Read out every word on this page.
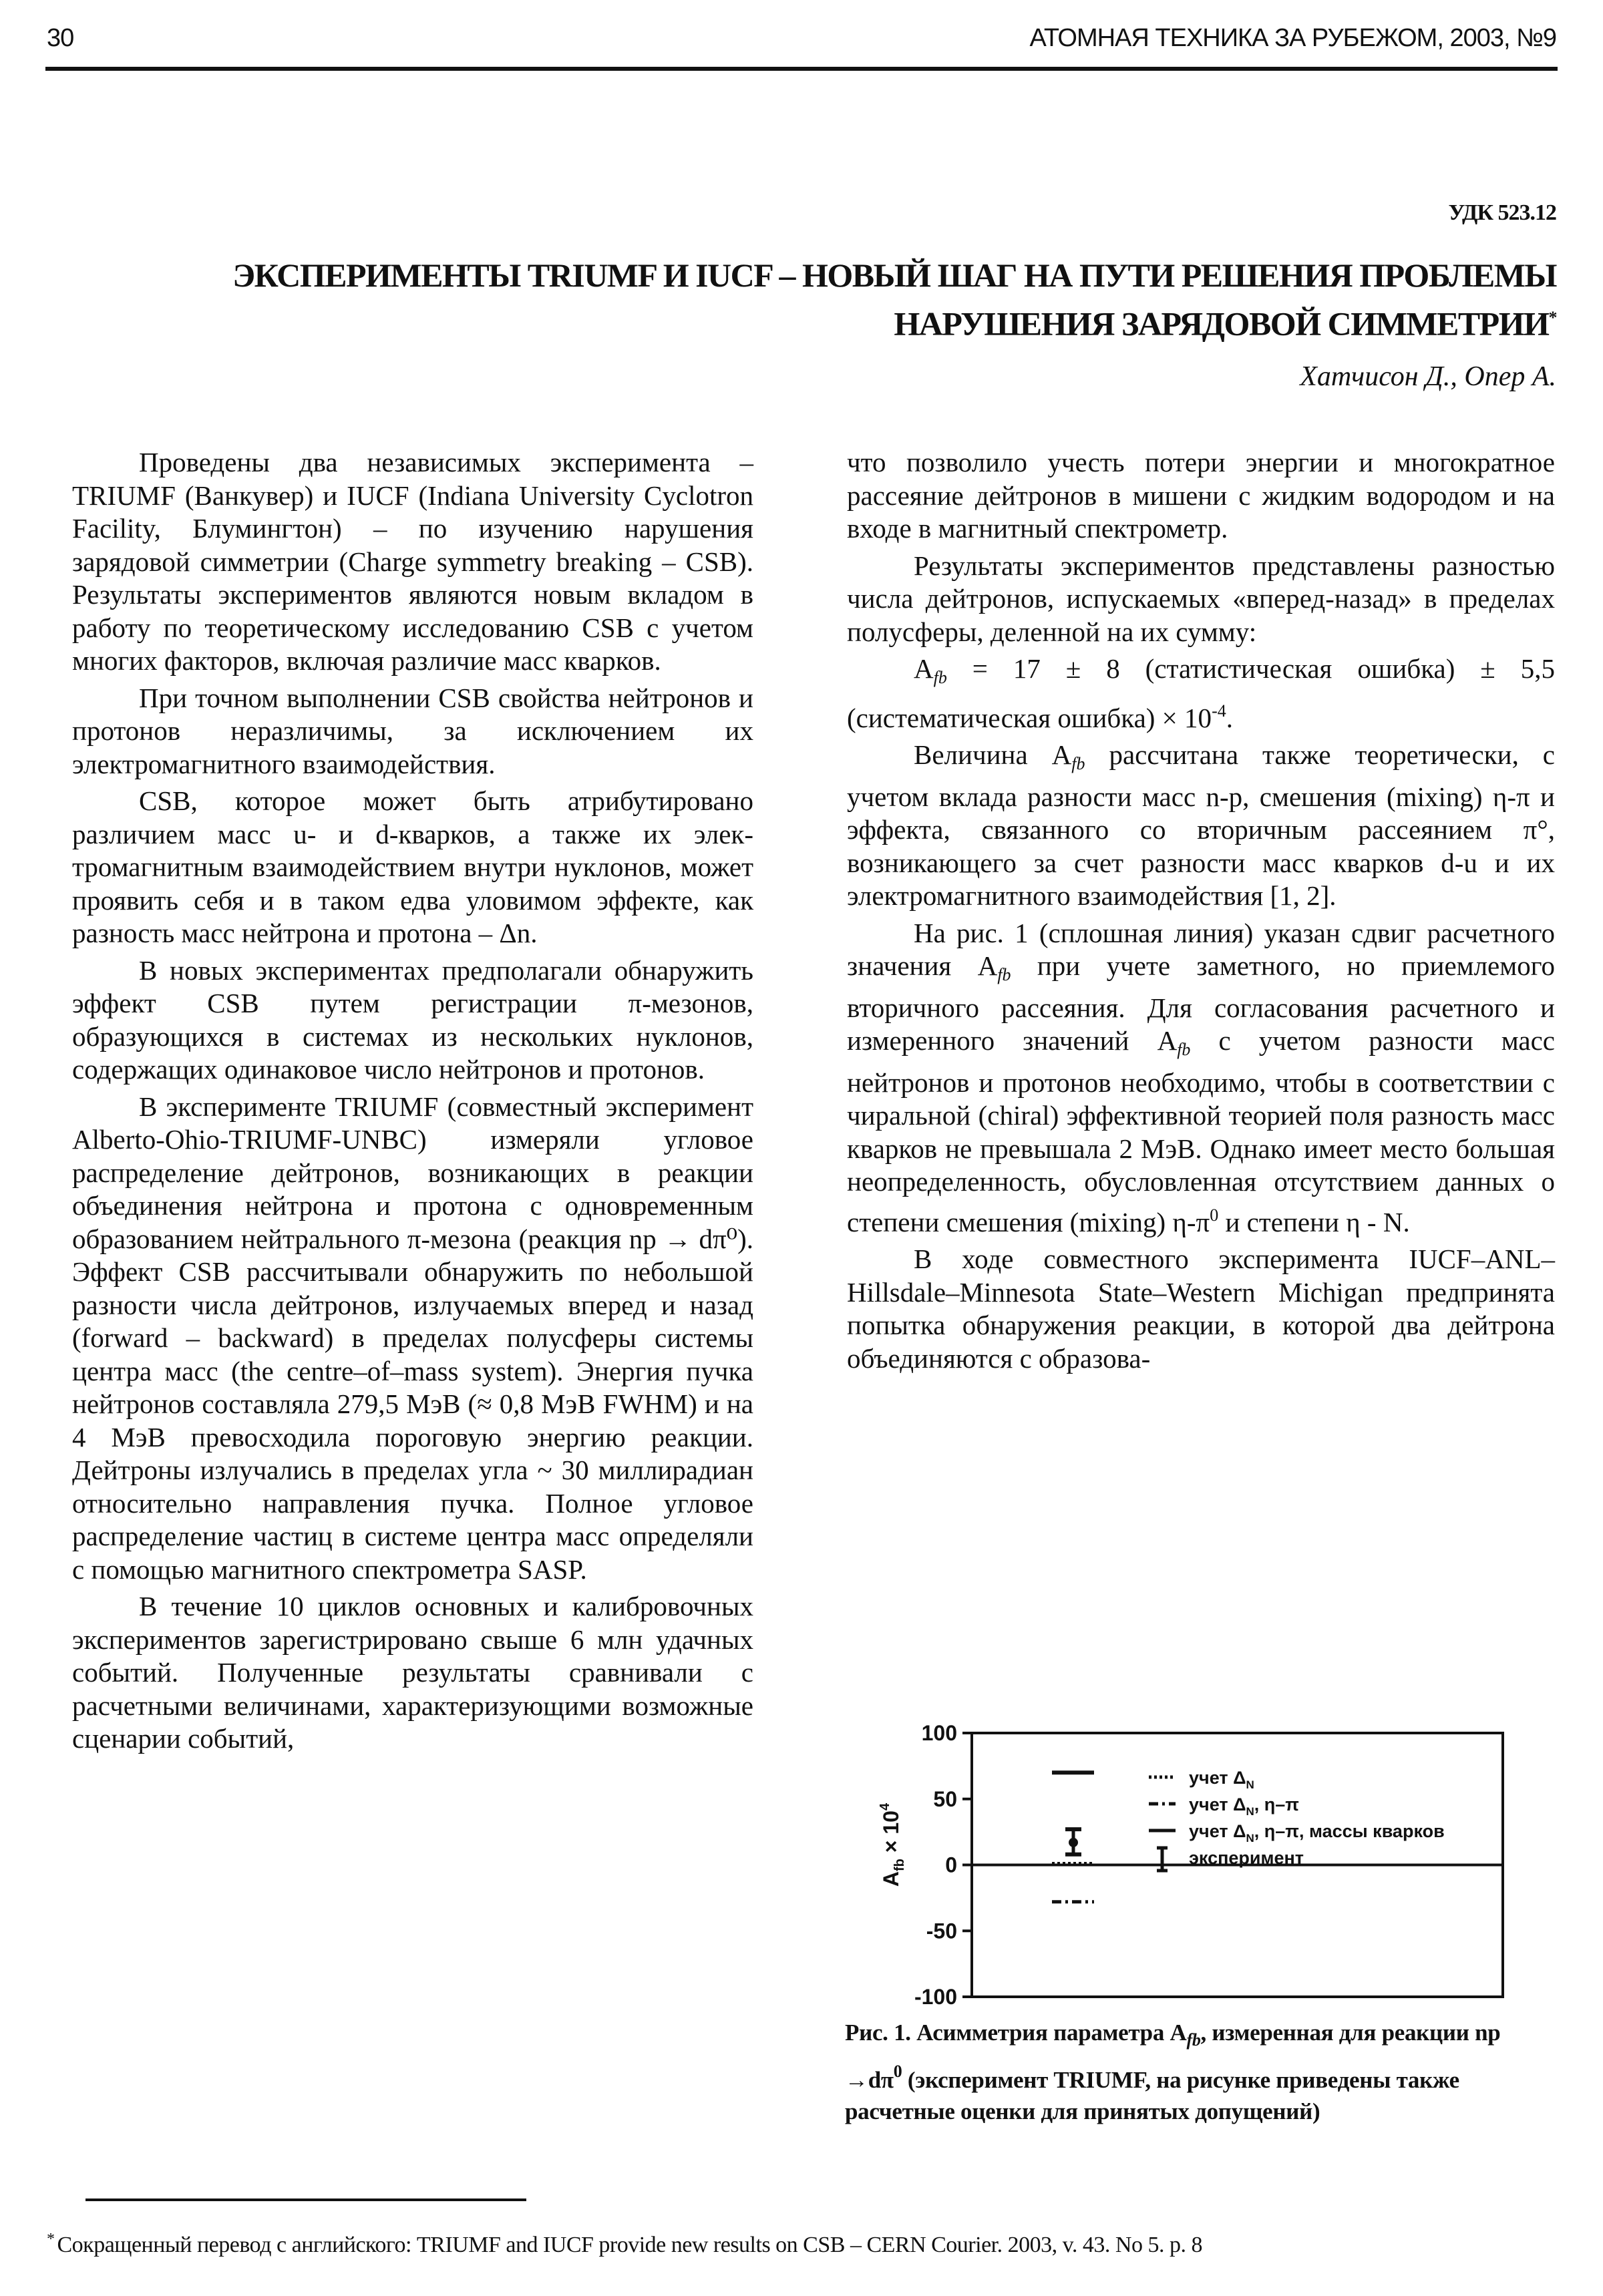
30	АТОМНАЯ ТЕХНИКА ЗА РУБЕЖОМ, 2003, №9
УДК 523.12
ЭКСПЕРИМЕНТЫ TRIUMF И IUCF – НОВЫЙ ШАГ НА ПУТИ РЕШЕНИЯ ПРОБЛЕМЫ
НАРУШЕНИЯ ЗАРЯДОВОЙ СИММЕТРИИ*
Хатчисон Д., Опер А.

Проведены два независимых эксперимента – TRIUMF (Ванкувер) и IUCF (Indiana University Cyclotron Facility, Блумингтон) – по изучению нарушения зарядовой симметрии (Charge symmetry breaking – CSB). Результаты экспериментов являются новым вкладом в работу по теоретическому исследованию CSB с учетом многих факторов, включая различие масс кварков.

При точном выполнении CSB свойства нейтронов и протонов неразличимы, за исключением их электромагнитного взаимодействия.

CSB, которое может быть атрибутировано различием масс u- и d-кварков, а также их электромагнитным взаимодействием внутри нуклонов, может проявить себя и в таком едва уловимом эффекте, как разность масс нейтрона и протона – Δn.

В новых экспериментах предполагали обнаружить эффект CSB путем регистрации π-мезонов, образующихся в системах из нескольких нуклонов, содержащих одинаковое число нейтронов и протонов.

В эксперименте TRIUMF (совместный эксперимент Alberto-Ohio-TRIUMF-UNBC) измеряли угловое распределение дейтронов, возникающих в реакции объединения нейтрона и протона с одновременным образованием нейтрального π-мезона (реакция np → dπ⁰). Эффект CSB рассчитывали обнаружить по небольшой разности числа дейтронов, излучаемых вперед и назад (forward – backward) в пределах полусферы системы центра масс (the centre–of–mass system). Энергия пучка нейтронов составляла 279,5 МэВ (≈ 0,8 МэВ FWHM) и на 4 МэВ превосходила пороговую энергию реакции. Дейтроны излучались в пределах угла ~ 30 миллирадиан относительно направления пучка. Полное угловое распределение частиц в системе центра масс определяли с помощью магнитного спектрометра SASP.

В течение 10 циклов основных и калибровочных экспериментов зарегистрировано свыше 6 млн удачных событий. Полученные результаты сравнивали с расчетными величинами, характеризующими возможные сценарии событий,

что позволило учесть потери энергии и многократное рассеяние дейтронов в мишени с жидким водородом и на входе в магнитный спектрометр.

Результаты экспериментов представлены разностью числа дейтронов, испускаемых «вперед-назад» в пределах полусферы, деленной на их сумму:

$A_{fb} = 17 \pm 8$ (статистическая ошибка) ± 5,5 (систематическая ошибка) × $10^{-4}$.

Величина $A_{fb}$ рассчитана также теоретически, с учетом вклада разности масс n-p, смешения (mixing) η-π и эффекта, связанного со вторичным рассеянием π°, возникающего за счет разности масс кварков d-u и их электромагнитного взаимодействия [1, 2].

На рис. 1 (сплошная линия) указан сдвиг расчетного значения $A_{fb}$ при учете заметного, но приемлемого вторичного рассеяния. Для согласования расчетного и измеренного значений $A_{fb}$ с учетом разности масс нейтронов и протонов необходимо, чтобы в соответствии с чиральной (chiral) эффективной теорией поля разность масс кварков не превышала 2 МэВ. Однако имеет место большая неопределенность, обусловленная отсутствием данных о степени смешения (mixing) $\eta-\pi^0$ и степени η - N.

В ходе совместного эксперимента IUCF–ANL–Hillsdale–Minnesota State–Western Michigan предпринята попытка обнаружения реакции, в которой два дейтрона объединяются с образова-

100
50
0
-50
-100
$A_{fb} \times 10^4$
учет $\Delta_N$
учет $\Delta_N$, η–π
учет $\Delta_N$, η–π, массы кварков
эксперимент
Рис. 1. Асимметрия параметра $A_{fb}$, измеренная для реакции np $\to d\pi^0$ (эксперимент TRIUMF, на рисунке приведены также расчетные оценки для принятых допущений)
* Сокращенный перевод с английского: TRIUMF and IUCF provide new results on CSB – CERN Courier. 2003, v. 43. No 5. p. 8
